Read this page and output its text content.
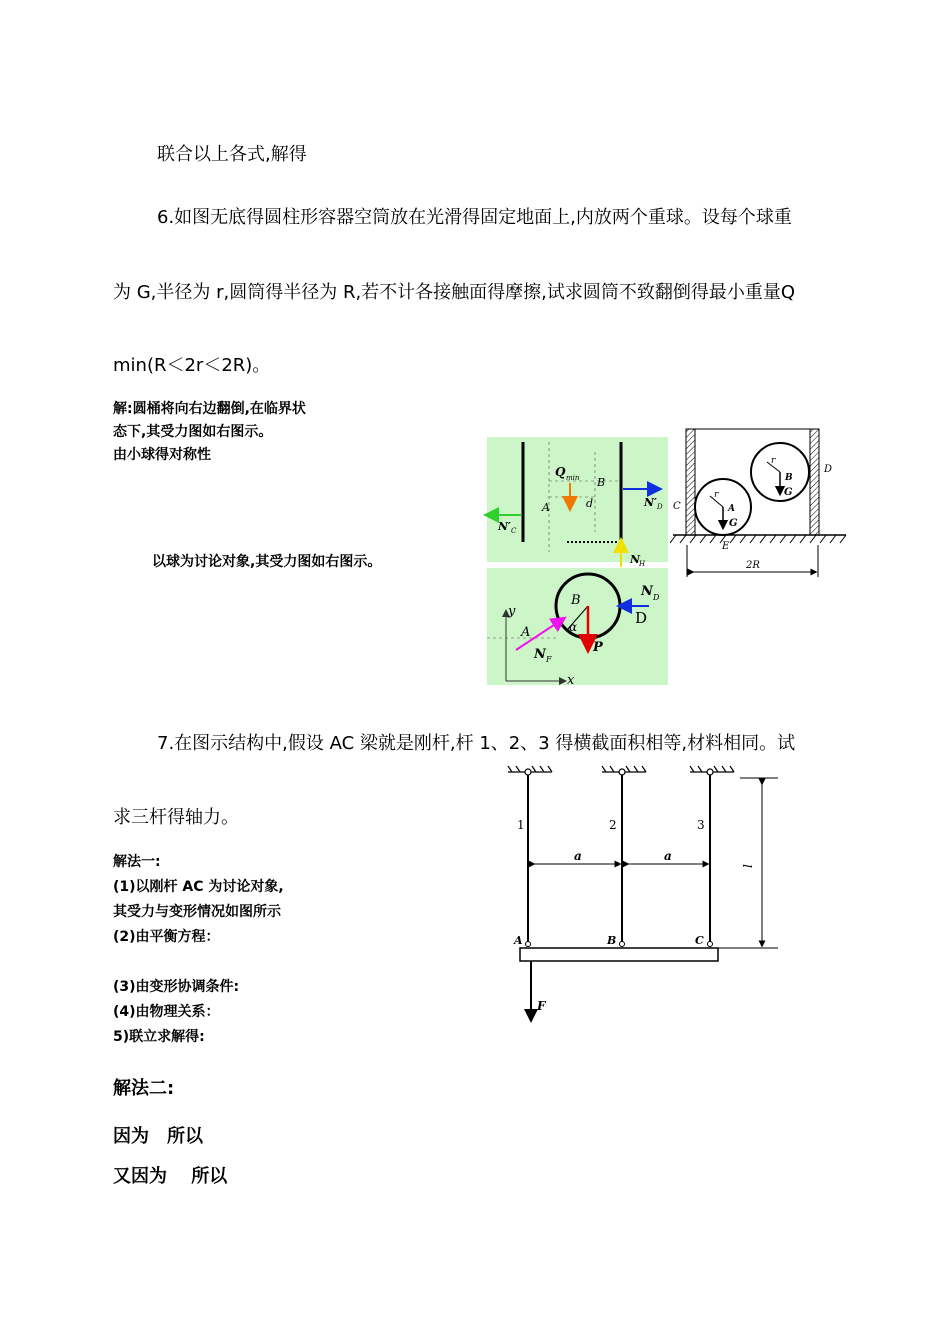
联合以上各式,解得
6.如图无底得圆柱形容器空筒放在光滑得固定地面上,内放两个重球。设每个球重
为 G,半径为 r,圆筒得半径为 R,若不计各接触面得摩擦,试求圆筒不致翻倒得最小重量Q
min(R＜2r＜2R)。
解:圆桶将向右边翻倒,在临界状
态下,其受力图如右图示。
由小球得对称性
以球为讨论对象,其受力图如右图示。
7.在图示结构中,假设 AC 梁就是刚杆,杆 1、2、3 得横截面积相等,材料相同。试
求三杆得轴力。
解法一:
(1)以刚杆 AC 为讨论对象,
其受力与变形情况如图所示
(2)由平衡方程：
(3)由变形协调条件:
(4)由物理关系：
5)联立求解得:
解法二:
因为　所以
又因为　 所以
Q min B
A	d	N′ D
N′ C
N
H
y
x
A
B
α	D
N D
N F
P
C
D
E
r
A
G
r
B
G
2R
1	2	3
a	a
l
A	B	C
F
